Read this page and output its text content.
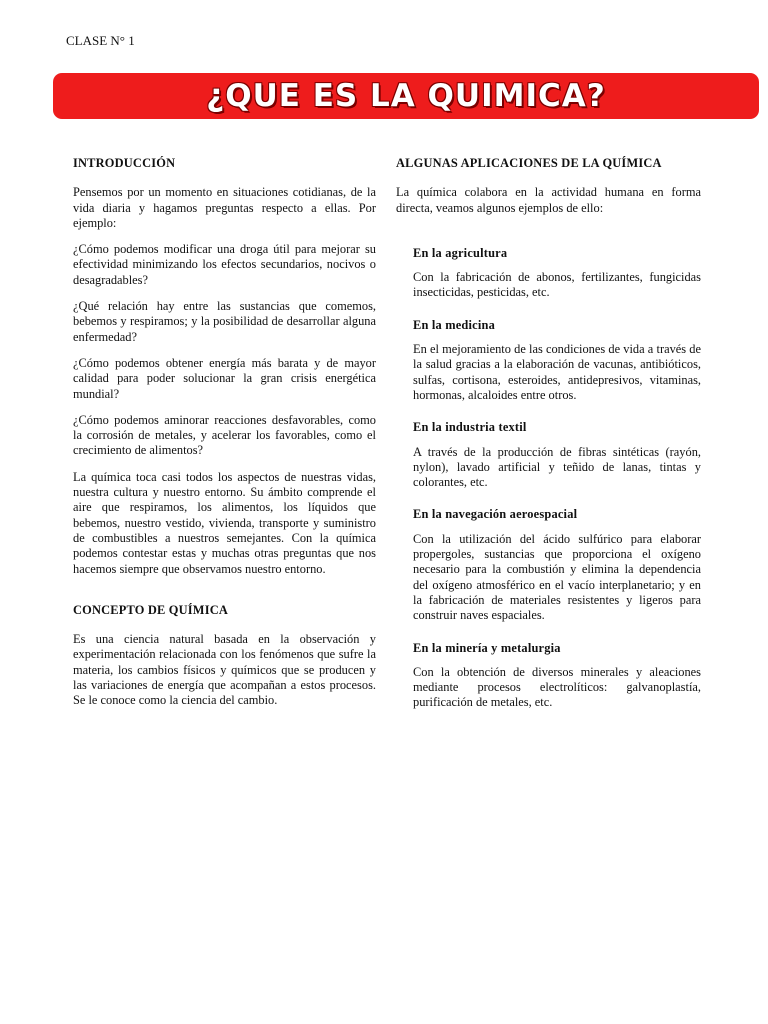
CLASE N° 1
¿QUE ES LA QUIMICA?
INTRODUCCIÓN

Pensemos por un momento en situaciones cotidianas, de la vida diaria y hagamos preguntas respecto a ellas. Por ejemplo:

¿Cómo podemos modificar una droga útil para mejorar su efectividad minimizando los efectos secundarios, nocivos o desagradables?

¿Qué relación hay entre las sustancias que comemos, bebemos y respiramos; y la posibilidad de desarrollar alguna enfermedad?

¿Cómo podemos obtener energía más barata y de mayor calidad para poder solucionar la gran crisis energética mundial?

¿Cómo podemos aminorar reacciones desfavorables, como la corrosión de metales, y acelerar los favorables, como el crecimiento de alimentos?

La química toca casi todos los aspectos de nuestras vidas, nuestra cultura y nuestro entorno. Su ámbito comprende el aire que respiramos, los alimentos, los líquidos que bebemos, nuestro vestido, vivienda, transporte y suministro de combustibles a nuestros semejantes. Con la química podemos contestar estas y muchas otras preguntas que nos hacemos siempre que observamos nuestro entorno.

CONCEPTO DE QUÍMICA

Es una ciencia natural basada en la observación y experimentación relacionada con los fenómenos que sufre la materia, los cambios físicos y químicos que se producen y las variaciones de energía que acompañan a estos procesos. Se le conoce como la ciencia del cambio.

ALGUNAS APLICACIONES DE LA QUÍMICA

La química colabora en la actividad humana en forma directa, veamos algunos ejemplos de ello:

En la agricultura

Con la fabricación de abonos, fertilizantes, fungicidas insecticidas, pesticidas, etc.

En la medicina

En el mejoramiento de las condiciones de vida a través de la salud gracias a la elaboración de vacunas, antibióticos, sulfas, cortisona, esteroides, antidepresivos, vitaminas, hormonas, alcaloides entre otros.

En la industria textil

A través de la producción de fibras sintéticas (rayón, nylon), lavado artificial y teñido de lanas, tintas y colorantes, etc.

En la navegación aeroespacial

Con la utilización del ácido sulfúrico para elaborar propergoles, sustancias que proporciona el oxígeno necesario para la combustión y elimina la dependencia del oxígeno atmosférico en el vacío interplanetario; y en la fabricación de materiales resistentes y ligeros para construir naves espaciales.

En la minería y metalurgia

Con la obtención de diversos minerales y aleaciones mediante procesos electrolíticos: galvanoplastía, purificación de metales, etc.
